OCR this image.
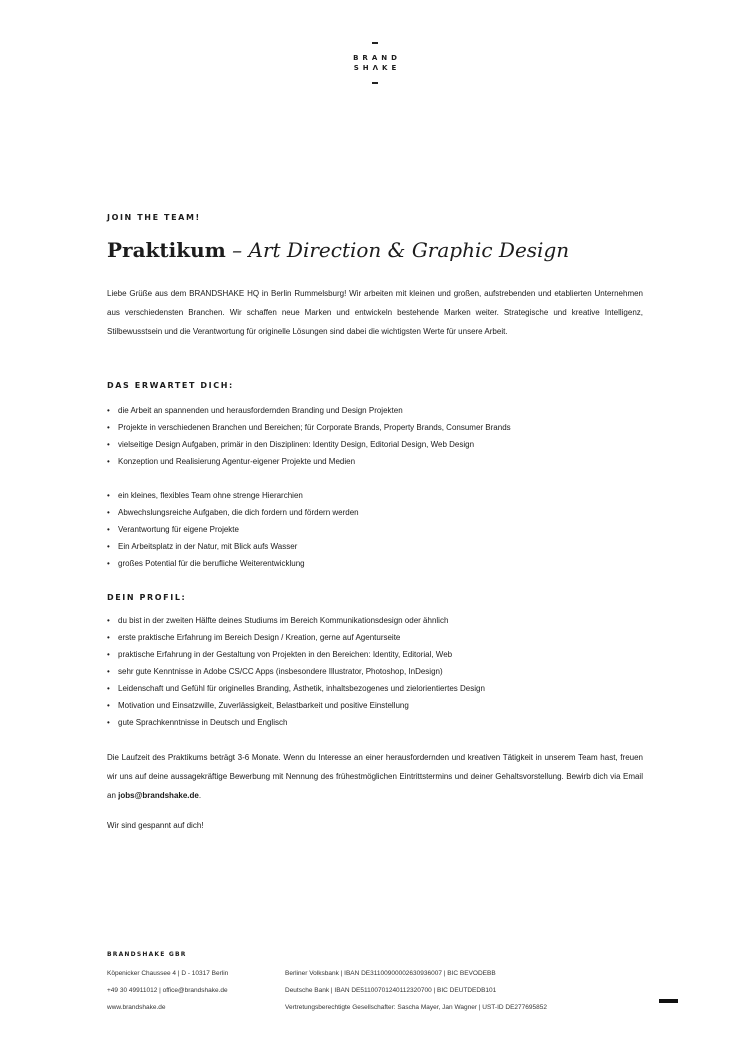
BRAND
SHΛKE
JOIN THE TEAM!
Praktikum – Art Direction & Graphic Design

Liebe Grüße aus dem BRANDSHAKE HQ in Berlin Rummelsburg! Wir arbeiten mit kleinen und großen, aufstrebenden und etablierten Unternehmen aus verschiedensten Branchen. Wir schaffen neue Marken und entwickeln bestehende Marken weiter. Strategische und kreative Intelligenz, Stilbewusstsein und die Verantwortung für originelle Lösungen sind dabei die wichtigsten Werte für unsere Arbeit.

DAS ERWARTET DICH:
• die Arbeit an spannenden und herausfordernden Branding und Design Projekten
• Projekte in verschiedenen Branchen und Bereichen; für Corporate Brands, Property Brands, Consumer Brands
• vielseitige Design Aufgaben, primär in den Disziplinen: Identity Design, Editorial Design, Web Design
• Konzeption und Realisierung Agentur-eigener Projekte und Medien
• ein kleines, flexibles Team ohne strenge Hierarchien
• Abwechslungsreiche Aufgaben, die dich fordern und fördern werden
• Verantwortung für eigene Projekte
• Ein Arbeitsplatz in der Natur, mit Blick aufs Wasser
• großes Potential für die berufliche Weiterentwicklung
DEIN PROFIL:
• du bist in der zweiten Hälfte deines Studiums im Bereich Kommunikationsdesign oder ähnlich
• erste praktische Erfahrung im Bereich Design / Kreation, gerne auf Agenturseite
• praktische Erfahrung in der Gestaltung von Projekten in den Bereichen: Identity, Editorial, Web
• sehr gute Kenntnisse in Adobe CS/CC Apps (insbesondere Illustrator, Photoshop, InDesign)
• Leidenschaft und Gefühl für originelles Branding, Ästhetik, inhaltsbezogenes und zielorientiertes Design
• Motivation und Einsatzwille, Zuverlässigkeit, Belastbarkeit und positive Einstellung
• gute Sprachkenntnisse in Deutsch und Englisch

Die Laufzeit des Praktikums beträgt 3-6 Monate. Wenn du Interesse an einer herausfordernden und kreativen Tätigkeit in unserem Team hast, freuen wir uns auf deine aussagekräftige Bewerbung mit Nennung des frühestmöglichen Eintrittstermins und deiner Gehaltsvorstellung. Bewirb dich via Email an jobs@brandshake.de.

Wir sind gespannt auf dich!

BRANDSHAKE GBR
Köpenicker Chaussee 4 | D - 10317 Berlin
+49 30 49911012 | office@brandshake.de
www.brandshake.de
Berliner Volksbank | IBAN DE31100900002630936007 | BIC BEVODEBB
Deutsche Bank | IBAN DE51100701240112320700 | BIC DEUTDEDB101
Vertretungsberechtigte Gesellschafter: Sascha Mayer, Jan Wagner | UST-ID DE277695852
